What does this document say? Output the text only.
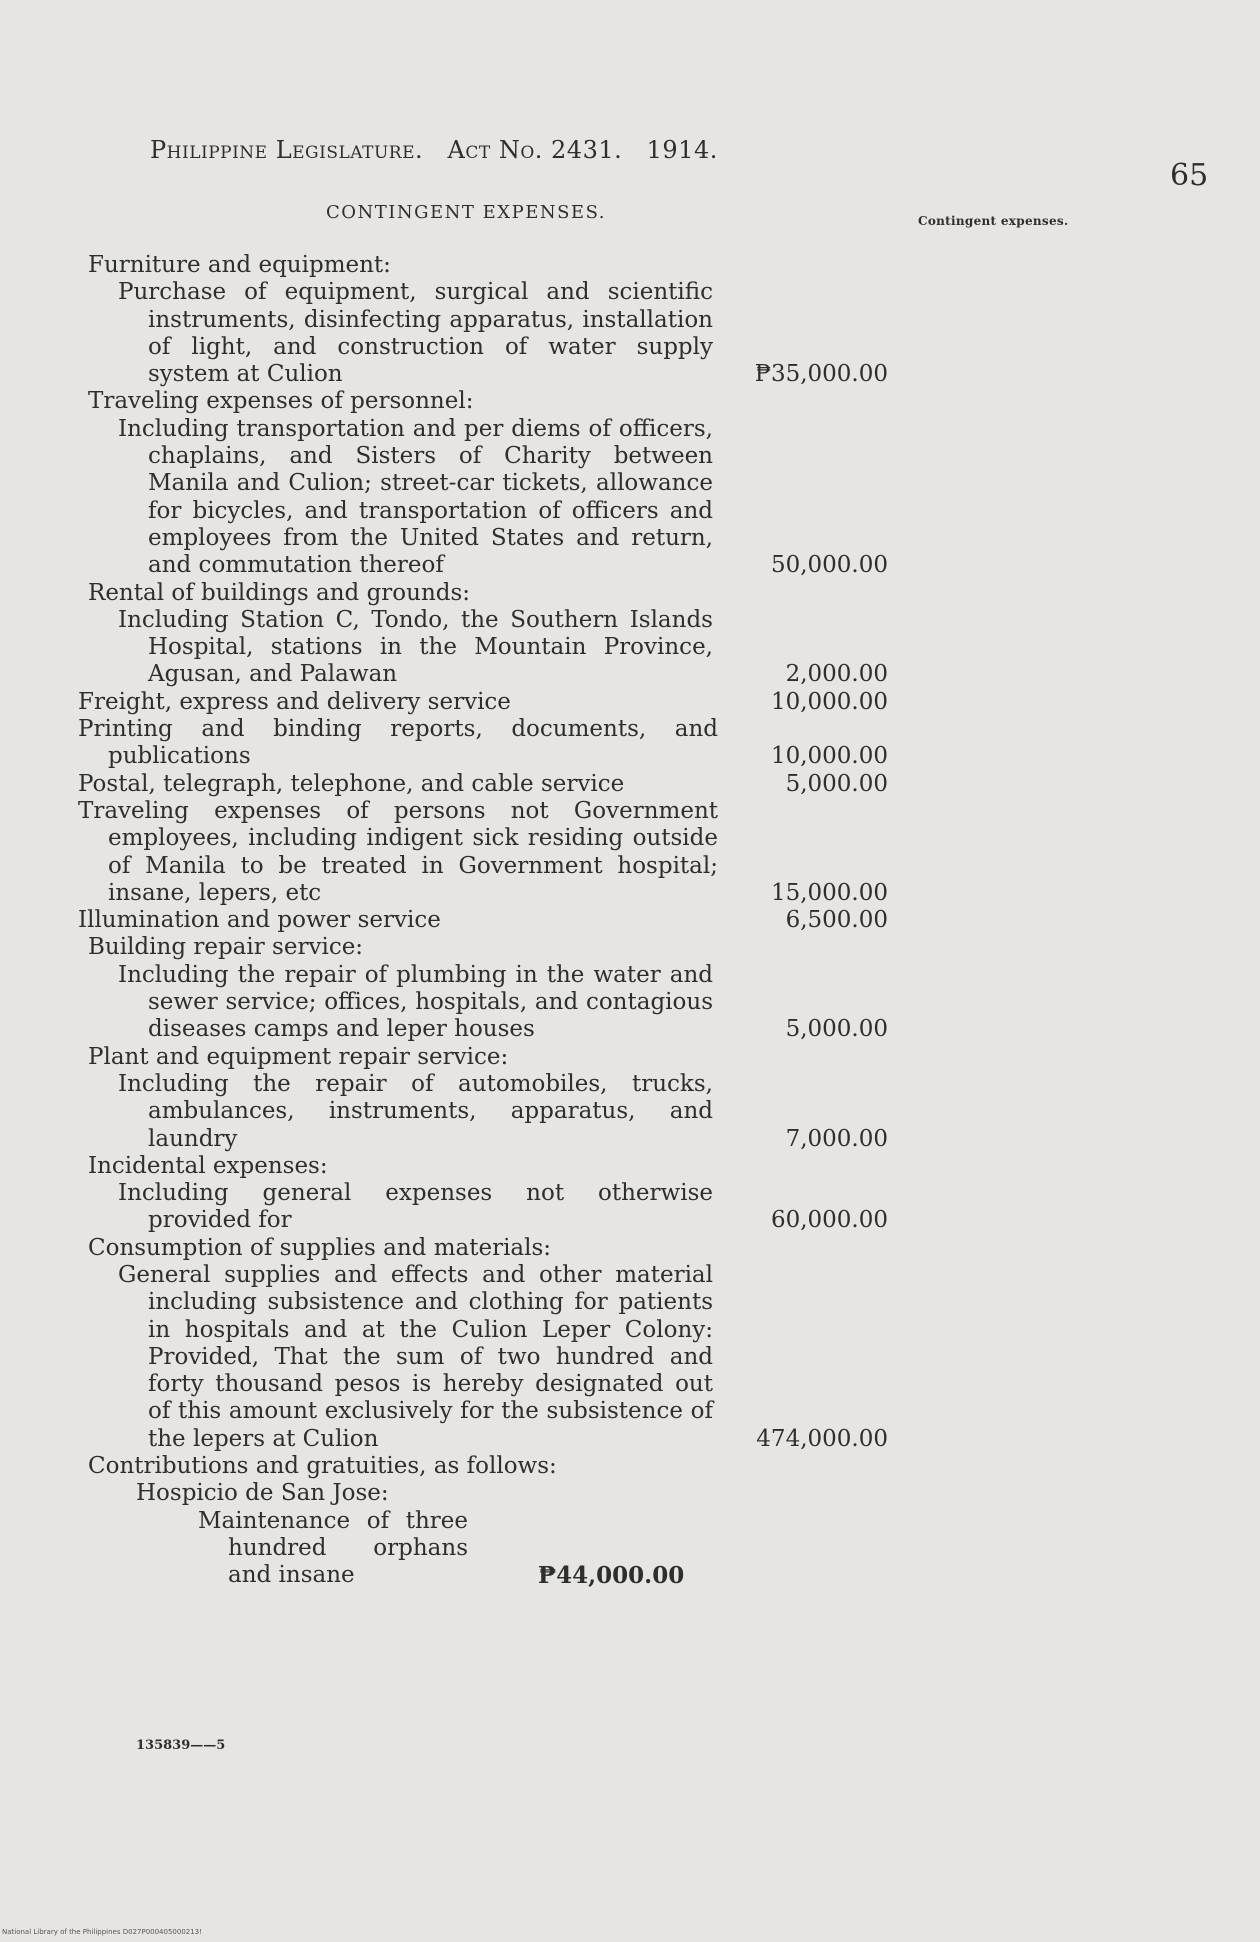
Philippine Legislature. Act No. 2431. 1914.
65
CONTINGENT EXPENSES.	Contingent expenses.
Furniture and equipment:
Purchase of equipment, surgical and scientific instruments, disinfecting apparatus, installation of light, and construction of water supply system at Culion	₱35,000.00
Traveling expenses of personnel:
Including transportation and per diems of officers, chaplains, and Sisters of Charity between Manila and Culion; street-car tickets, allowance for bicycles, and transportation of officers and employees from the United States and return, and commutation thereof	50,000.00
Rental of buildings and grounds:
Including Station C, Tondo, the Southern Islands Hospital, stations in the Mountain Province, Agusan, and Palawan	2,000.00
Freight, express and delivery service	10,000.00
Printing and binding reports, documents, and publications	10,000.00
Postal, telegraph, telephone, and cable service	5,000.00
Traveling expenses of persons not Government employees, including indigent sick residing outside of Manila to be treated in Government hospital; insane, lepers, etc	15,000.00
Illumination and power service	6,500.00
Building repair service:
Including the repair of plumbing in the water and sewer service; offices, hospitals, and contagious diseases camps and leper houses	5,000.00
Plant and equipment repair service:
Including the repair of automobiles, trucks, ambulances, instruments, apparatus, and laundry	7,000.00
Incidental expenses:
Including general expenses not otherwise provided for	60,000.00
Consumption of supplies and materials:
General supplies and effects and other material including subsistence and clothing for patients in hospitals and at the Culion Leper Colony: Provided, That the sum of two hundred and forty thousand pesos is hereby designated out of this amount exclusively for the subsistence of the lepers at Culion	474,000.00
Contributions and gratuities, as follows:
Hospicio de San Jose:
Maintenance of three hundred orphans and insane	₱44,000.00
135839——5
National Library of the Philippines D027P000405000213!
